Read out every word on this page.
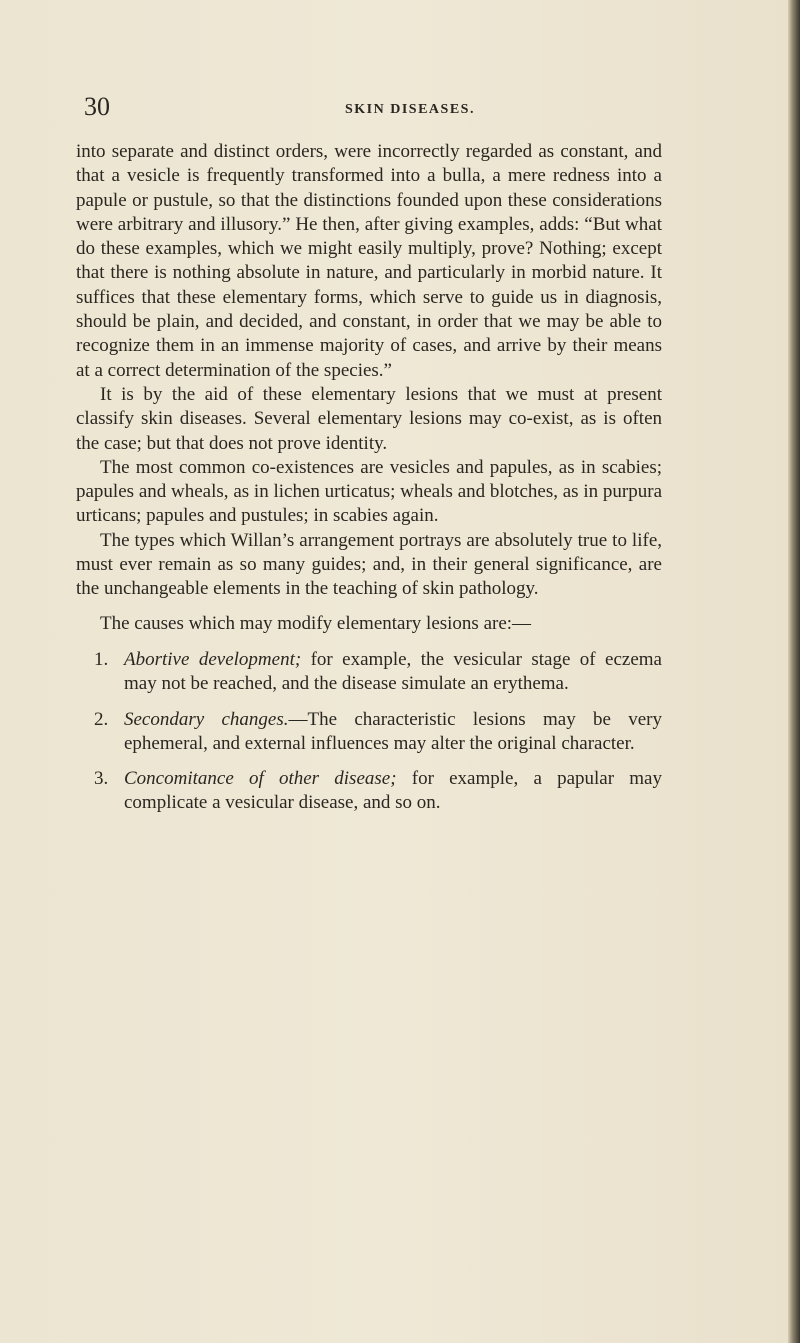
30	SKIN DISEASES.

into separate and distinct orders, were incorrectly regarded as constant, and that a vesicle is frequently transformed into a bulla, a mere redness into a papule or pustule, so that the distinctions founded upon these considerations were arbitrary and illusory.” He then, after giving examples, adds: “But what do these examples, which we might easily multiply, prove? Nothing; except that there is nothing absolute in nature, and particularly in morbid nature. It suffices that these elementary forms, which serve to guide us in diagnosis, should be plain, and decided, and constant, in order that we may be able to recognize them in an immense majority of cases, and arrive by their means at a correct determination of the species.”

It is by the aid of these elementary lesions that we must at present classify skin diseases. Several elementary lesions may co-exist, as is often the case; but that does not prove identity.

The most common co-existences are vesicles and papules, as in scabies; papules and wheals, as in lichen urticatus; wheals and blotches, as in purpura urticans; papules and pustules; in scabies again.

The types which Willan’s arrangement portrays are absolutely true to life, must ever remain as so many guides; and, in their general significance, are the unchangeable elements in the teaching of skin pathology.

The causes which may modify elementary lesions are:—

1. Abortive development; for example, the vesicular stage of eczema may not be reached, and the disease simulate an erythema.
2. Secondary changes.—The characteristic lesions may be very ephemeral, and external influences may alter the original character.
3. Concomitance of other disease; for example, a papular may complicate a vesicular disease, and so on.
